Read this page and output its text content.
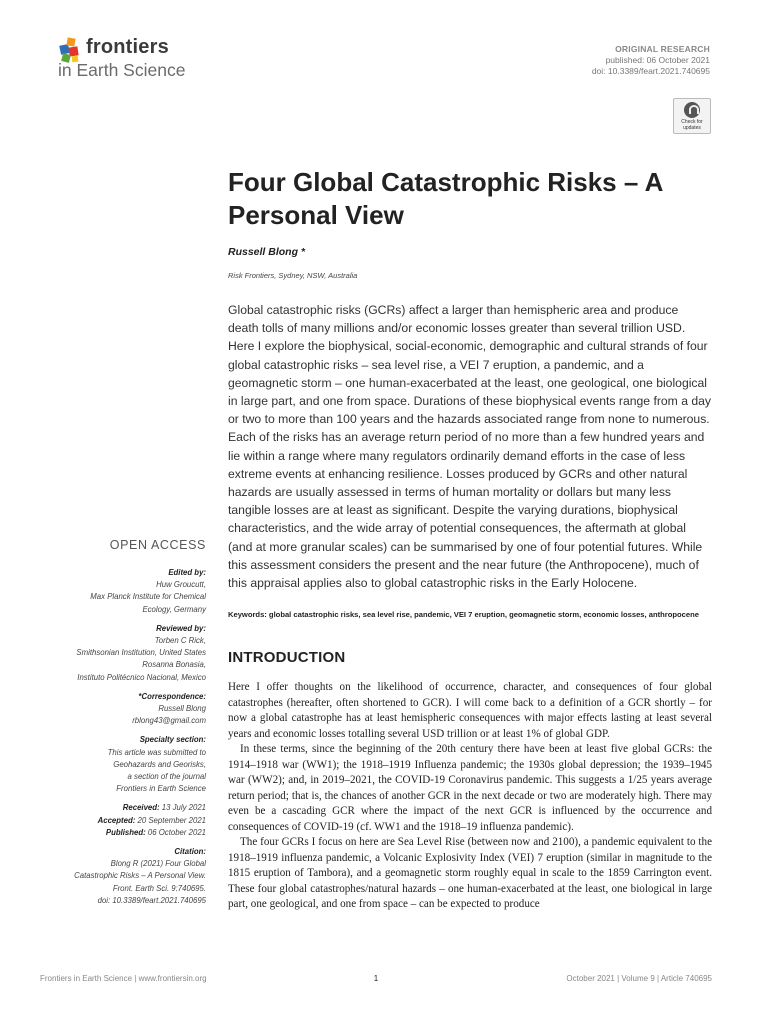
frontiers
in Earth Science
ORIGINAL RESEARCH
published: 06 October 2021
doi: 10.3389/feart.2021.740695
Check for updates
Four Global Catastrophic Risks – A Personal View
Russell Blong *
Risk Frontiers, Sydney, NSW, Australia
Global catastrophic risks (GCRs) affect a larger than hemispheric area and produce death tolls of many millions and/or economic losses greater than several trillion USD. Here I explore the biophysical, social-economic, demographic and cultural strands of four global catastrophic risks – sea level rise, a VEI 7 eruption, a pandemic, and a geomagnetic storm – one human-exacerbated at the least, one geological, one biological in large part, and one from space. Durations of these biophysical events range from a day or two to more than 100 years and the hazards associated range from none to numerous. Each of the risks has an average return period of no more than a few hundred years and lie within a range where many regulators ordinarily demand efforts in the case of less extreme events at enhancing resilience. Losses produced by GCRs and other natural hazards are usually assessed in terms of human mortality or dollars but many less tangible losses are at least as significant. Despite the varying durations, biophysical characteristics, and the wide array of potential consequences, the aftermath at global (and at more granular scales) can be summarised by one of four potential futures. While this assessment considers the present and the near future (the Anthropocene), much of this appraisal applies also to global catastrophic risks in the Early Holocene.
Keywords: global catastrophic risks, sea level rise, pandemic, VEI 7 eruption, geomagnetic storm, economic losses, anthropocene
INTRODUCTION

Here I offer thoughts on the likelihood of occurrence, character, and consequences of four global catastrophes (hereafter, often shortened to GCR). I will come back to a definition of a GCR shortly – for now a global catastrophe has at least hemispheric consequences with major effects lasting at least several years and economic losses totalling several USD trillion or at least 1% of global GDP.

In these terms, since the beginning of the 20th century there have been at least five global GCRs: the 1914–1918 war (WW1); the 1918–1919 Influenza pandemic; the 1930s global depression; the 1939–1945 war (WW2); and, in 2019–2021, the COVID-19 Coronavirus pandemic. This suggests a 1/25 years average return period; that is, the chances of another GCR in the next decade or two are moderately high. There may even be a cascading GCR where the impact of the next GCR is influenced by the occurrence and consequences of COVID-19 (cf. WW1 and the 1918–19 influenza pandemic).

The four GCRs I focus on here are Sea Level Rise (between now and 2100), a pandemic equivalent to the 1918–1919 influenza pandemic, a Volcanic Explosivity Index (VEI) 7 eruption (similar in magnitude to the 1815 eruption of Tambora), and a geomagnetic storm roughly equal in scale to the 1859 Carrington event. These four global catastrophes/natural hazards – one human-exacerbated at the least, one biological in large part, one geological, and one from space – can be expected to produce

OPEN ACCESS
Edited by:
Huw Groucutt,
Max Planck Institute for Chemical
Ecology, Germany
Reviewed by:
Torben C Rick,
Smithsonian Institution, United States
Rosanna Bonasia,
Instituto Politécnico Nacional, Mexico
*Correspondence:
Russell Blong
rblong43@gmail.com
Specialty section:
This article was submitted to
Geohazards and Georisks,
a section of the journal
Frontiers in Earth Science
Received: 13 July 2021
Accepted: 20 September 2021
Published: 06 October 2021
Citation:
Blong R (2021) Four Global
Catastrophic Risks – A Personal View.
Front. Earth Sci. 9:740695.
doi: 10.3389/feart.2021.740695
Frontiers in Earth Science | www.frontiersin.org	1	October 2021 | Volume 9 | Article 740695
